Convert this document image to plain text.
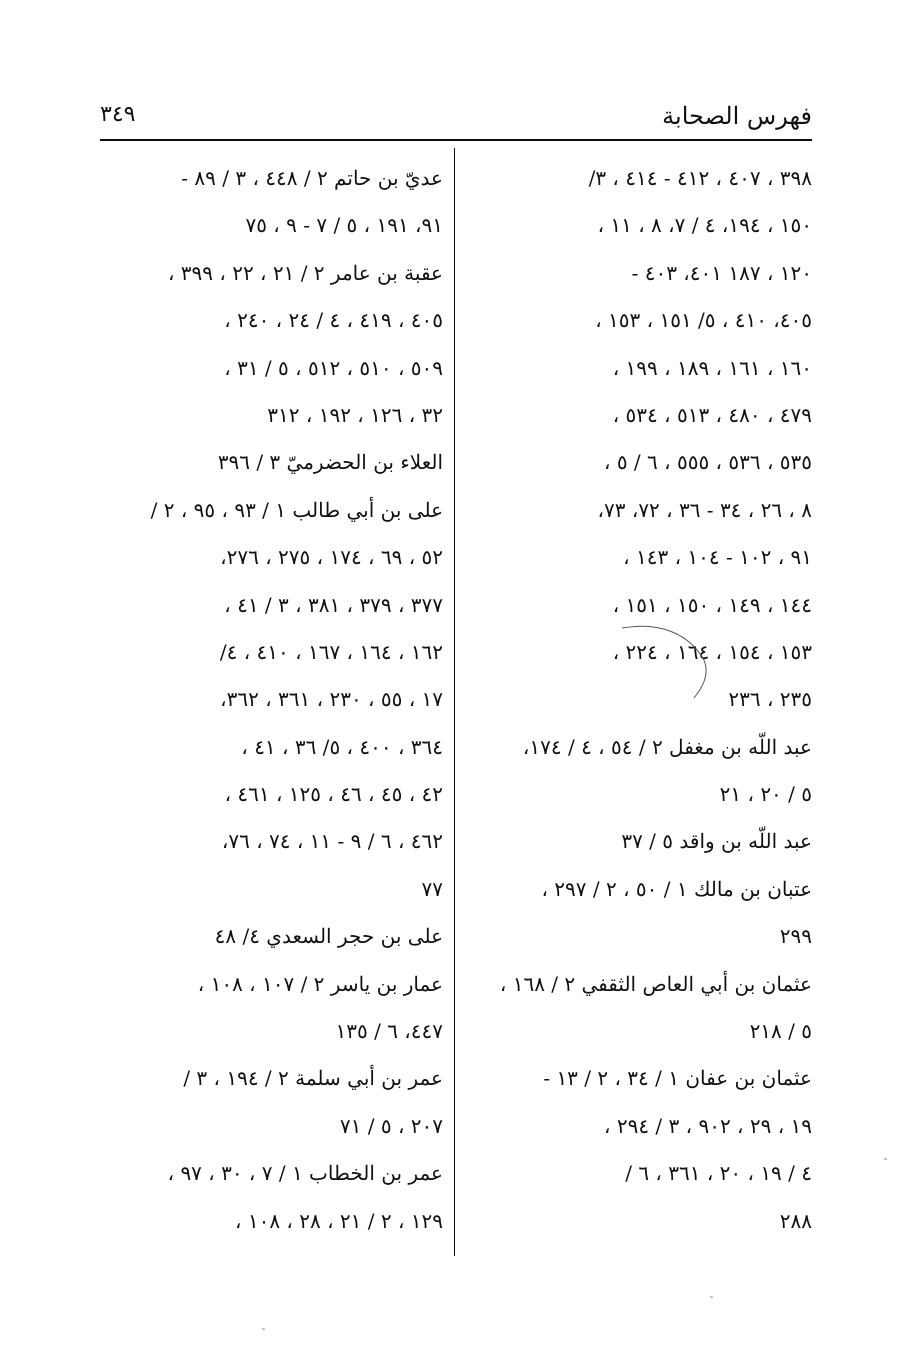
٣٤٩	فهرس الصحابة
٣٩٨ ، ٤٠٧ ، ٤١٢ - ٤١٤ ، ٣/
١٥٠ ، ١٩٤، ٤ / ٧، ٨ ، ١١ ،
١٢٠ ، ١٨٧ ٤٠١، ٤٠٣ -
٤٠٥، ٤١٠ ، ٥/ ١٥١ ، ١٥٣ ،
١٦٠ ، ١٦١ ، ١٨٩ ، ١٩٩ ،
٤٧٩ ، ٤٨٠ ، ٥١٣ ، ٥٣٤ ،
٥٣٥ ، ٥٣٦ ، ٥٥٥ ، ٦ / ٥ ،
٨ ، ٢٦ ، ٣٤ - ٣٦ ، ٧٢، ٧٣،
٩١ ، ١٠٢ - ١٠٤ ، ١٤٣ ،
١٤٤ ، ١٤٩ ، ١٥٠ ، ١٥١ ،
١٥٣ ، ١٥٤ ، ١٦٤ ، ٢٢٤ ،
٢٣٥ ، ٢٣٦
عبد اللّه بن مغفل ٢ / ٥٤ ، ٤ / ١٧٤،
٥ / ٢٠ ، ٢١
عبد اللّه بن واقد ٥ / ٣٧
عتبان بن مالك ١ / ٥٠ ، ٢ / ٢٩٧ ،
٢٩٩
عثمان بن أبي العاص الثقفي ٢ / ١٦٨ ،
٥ / ٢١٨
عثمان بن عفان ١ / ٣٤ ، ٢ / ١٣ -
١٩ ، ٢٩ ، ٩٠٢ ، ٣ / ٢٩٤ ،
٤ / ١٩ ، ٢٠ ، ٣٦١ ، ٦ /
٢٨٨
عديّ بن حاتم ٢ / ٤٤٨ ، ٣ / ٨٩ -
٩١، ١٩١ ، ٥ / ٧ - ٩ ، ٧٥
عقبة بن عامر ٢ / ٢١ ، ٢٢ ، ٣٩٩ ،
٤٠٥ ، ٤١٩ ، ٤ / ٢٤ ، ٢٤٠ ،
٥٠٩ ، ٥١٠ ، ٥١٢ ، ٥ / ٣١ ،
٣٢ ، ١٢٦ ، ١٩٢ ، ٣١٢
العلاء بن الحضرميّ ٣ / ٣٩٦
على بن أبي طالب ١ / ٩٣ ، ٩٥ ، ٢ /
٥٢ ، ٦٩ ، ١٧٤ ، ٢٧٥ ، ٢٧٦،
٣٧٧ ، ٣٧٩ ، ٣٨١ ، ٣ / ٤١ ،
١٦٢ ، ١٦٤ ، ١٦٧ ، ٤١٠ ، ٤/
١٧ ، ٥٥ ، ٢٣٠ ، ٣٦١ ، ٣٦٢،
٣٦٤ ، ٤٠٠ ، ٥/ ٣٦ ، ٤١ ،
٤٢ ، ٤٥ ، ٤٦ ، ١٢٥ ، ٤٦١ ،
٤٦٢ ، ٦ / ٩ - ١١ ، ٧٤ ، ٧٦،
٧٧
على بن حجر السعدي ٤/ ٤٨
عمار بن ياسر ٢ / ١٠٧ ، ١٠٨ ،
٤٤٧، ٦ / ١٣٥
عمر بن أبي سلمة ٢ / ١٩٤ ، ٣ /
٢٠٧ ، ٥ / ٧١
عمر بن الخطاب ١ / ٧ ، ٣٠ ، ٩٧ ،
١٢٩ ، ٢ / ٢١ ، ٢٨ ، ١٠٨ ،
